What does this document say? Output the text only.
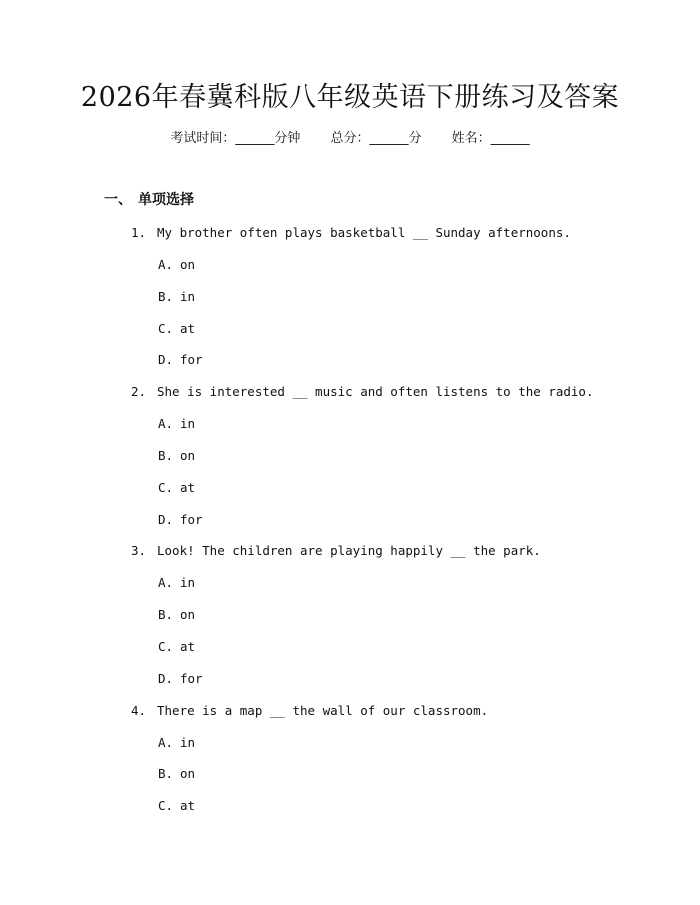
2026年春冀科版八年级英语下册练习及答案
考试时间：______分钟 总分：______分 姓名：______
一、 单项选择
1. My brother often plays basketball __ Sunday afternoons.
A. on
B. in
C. at
D. for
2. She is interested __ music and often listens to the radio.
A. in
B. on
C. at
D. for
3. Look! The children are playing happily __ the park.
A. in
B. on
C. at
D. for
4. There is a map __ the wall of our classroom.
A. in
B. on
C. at
